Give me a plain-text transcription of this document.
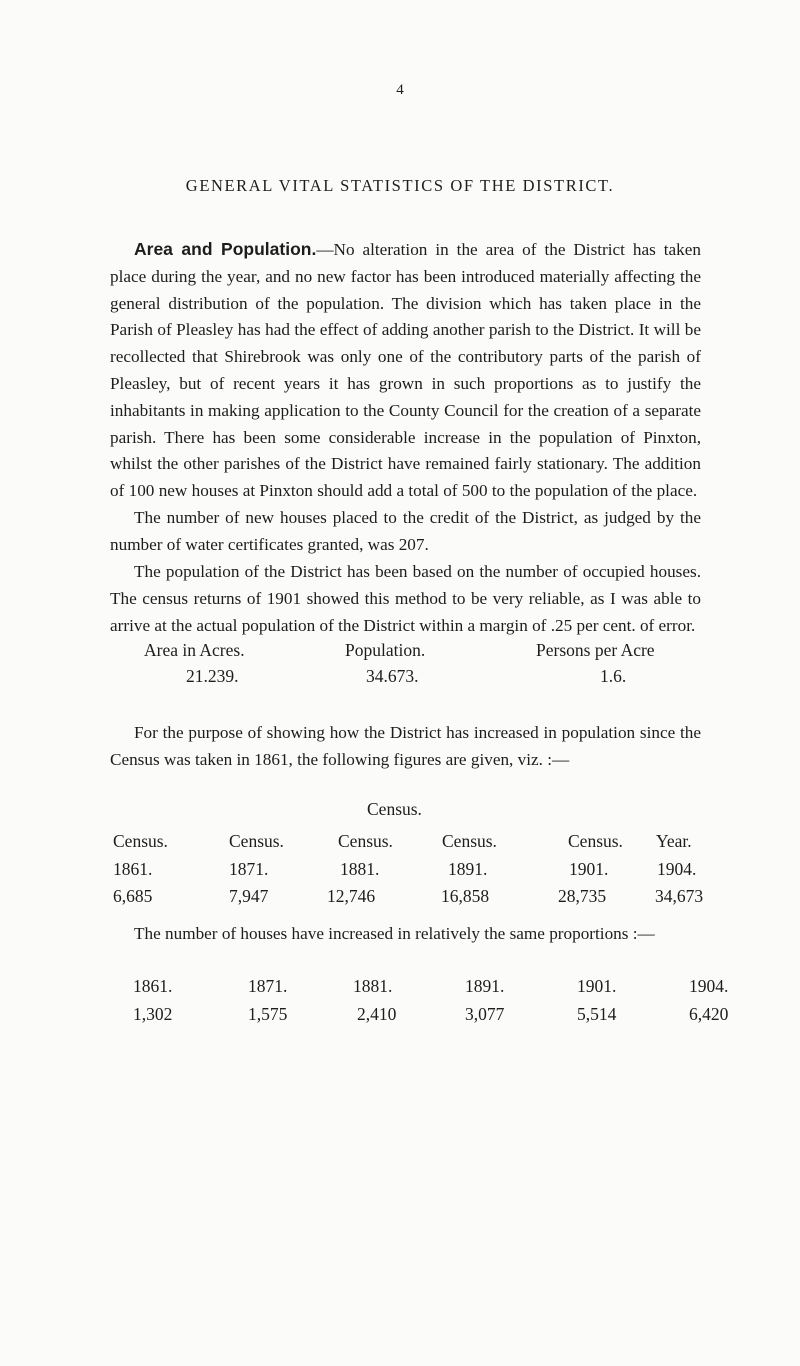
4
GENERAL VITAL STATISTICS OF THE DISTRICT.

Area and Population.—No alteration in the area of the District has taken place during the year, and no new factor has been introduced materially affecting the general distribution of the population. The division which has taken place in the Parish of Pleasley has had the effect of adding another parish to the District. It will be recollected that Shirebrook was only one of the contributory parts of the parish of Pleasley, but of recent years it has grown in such proportions as to justify the inhabitants in making application to the County Council for the creation of a separate parish. There has been some considerable increase in the population of Pinxton, whilst the other parishes of the District have remained fairly stationary. The addition of 100 new houses at Pinxton should add a total of 500 to the population of the place.

The number of new houses placed to the credit of the District, as judged by the number of water certificates granted, was 207.

The population of the District has been based on the number of occupied houses. The census returns of 1901 showed this method to be very reliable, as I was able to arrive at the actual population of the District within a margin of .25 per cent. of error.

Area in Acres.	Population.	Persons per Acre
21.239.	34.673.	1.6.

For the purpose of showing how the District has increased in population since the Census was taken in 1861, the following figures are given, viz. :—

Census.
Census.	Census.	Census.	Census.	Census. Year.
1861.	1871.	1881.	1891.	1901.	1904.
6,685	7,947	12,746	16,858	28,735	34,673

The number of houses have increased in relatively the same proportions :—

1861.	1871.	1881.	1891.	1901.	1904.
1,302	1,575	2,410	3,077	5,514	6,420
